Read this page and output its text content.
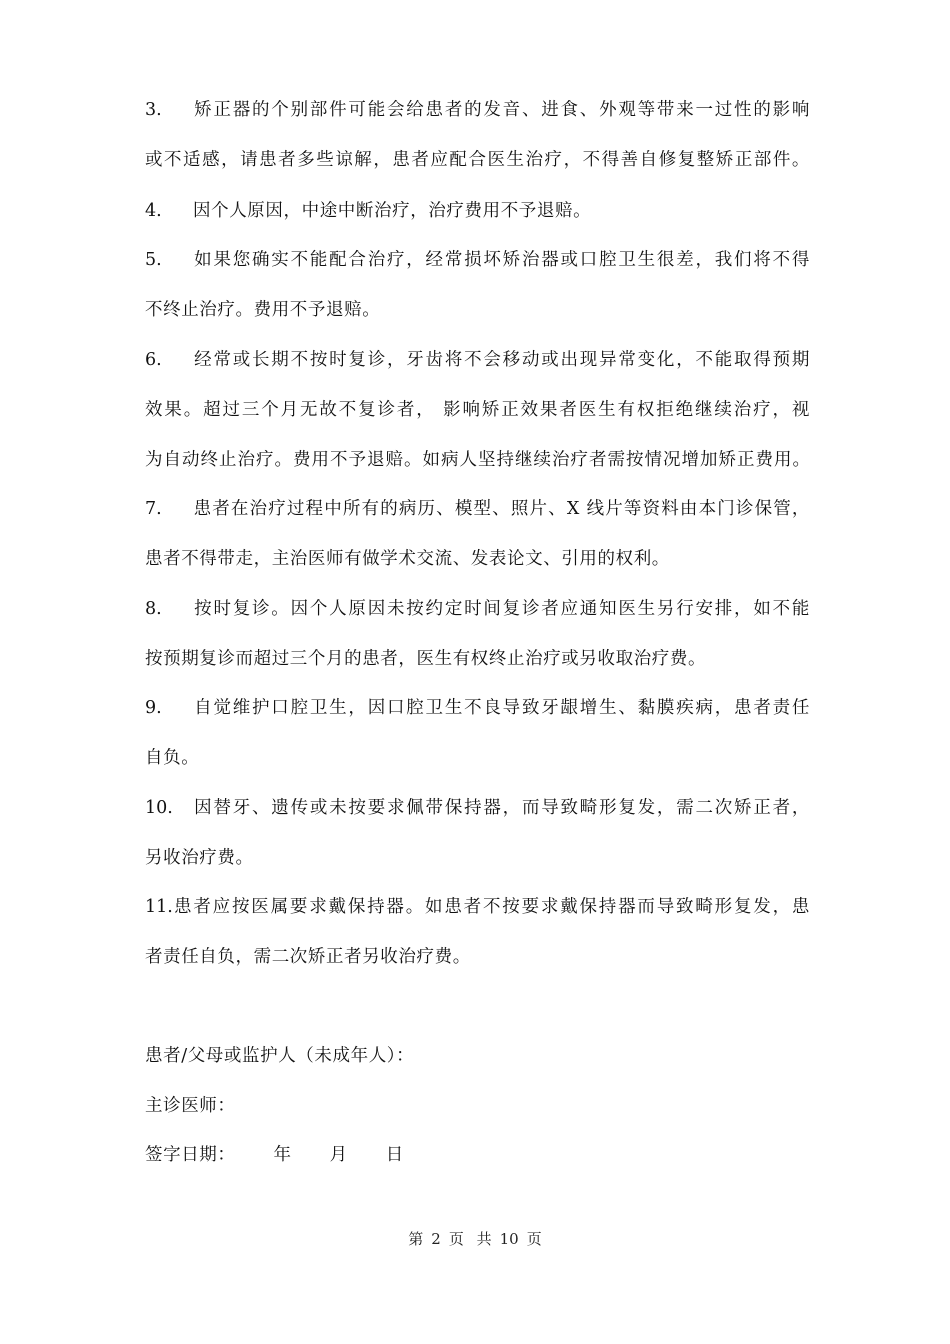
3. 矫正器的个别部件可能会给患者的发音、进食、外观等带来一过性的影响
或不适感，请患者多些谅解，患者应配合医生治疗，不得善自修复整矫正部件。
4. 因个人原因，中途中断治疗，治疗费用不予退赔。
5. 如果您确实不能配合治疗，经常损坏矫治器或口腔卫生很差，我们将不得
不终止治疗。费用不予退赔。
6. 经常或长期不按时复诊，牙齿将不会移动或出现异常变化，不能取得预期
效果。超过三个月无故不复诊者， 影响矫正效果者医生有权拒绝继续治疗，视
为自动终止治疗。费用不予退赔。如病人坚持继续治疗者需按情况增加矫正费用。
7. 患者在治疗过程中所有的病历、模型、照片、X 线片等资料由本门诊保管，
患者不得带走，主治医师有做学术交流、发表论文、引用的权利。
8. 按时复诊。因个人原因未按约定时间复诊者应通知医生另行安排，如不能
按预期复诊而超过三个月的患者，医生有权终止治疗或另收取治疗费。
9. 自觉维护口腔卫生，因口腔卫生不良导致牙龈增生、黏膜疾病，患者责任
自负。
10. 因替牙、遗传或未按要求佩带保持器，而导致畸形复发，需二次矫正者，
另收治疗费。
11.患者应按医属要求戴保持器。如患者不按要求戴保持器而导致畸形复发，患
者责任自负，需二次矫正者另收治疗费。
患者/父母或监护人（未成年人）：
主诊医师：
签字日期： 年 月 日
第 2 页 共 10 页
